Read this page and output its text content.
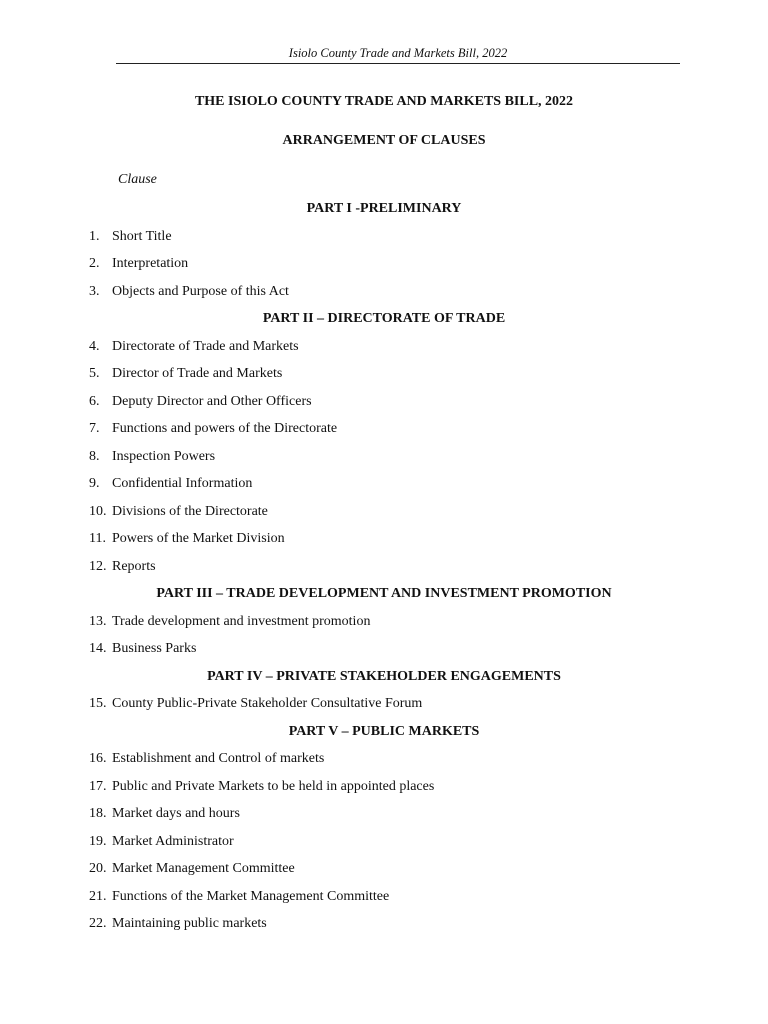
Isiolo County Trade and Markets Bill, 2022
THE ISIOLO COUNTY TRADE AND MARKETS BILL, 2022
ARRANGEMENT OF CLAUSES
Clause
PART I -PRELIMINARY
1. Short Title
2. Interpretation
3. Objects and Purpose of this Act
PART II – DIRECTORATE OF TRADE
4. Directorate of Trade and Markets
5. Director of Trade and Markets
6. Deputy Director and Other Officers
7. Functions and powers of the Directorate
8. Inspection Powers
9. Confidential Information
10. Divisions of the Directorate
11. Powers of the Market Division
12. Reports
PART III – TRADE DEVELOPMENT AND INVESTMENT PROMOTION
13. Trade development and investment promotion
14. Business Parks
PART IV – PRIVATE STAKEHOLDER ENGAGEMENTS
15. County Public-Private Stakeholder Consultative Forum
PART V – PUBLIC MARKETS
16. Establishment and Control of markets
17. Public and Private Markets to be held in appointed places
18. Market days and hours
19. Market Administrator
20. Market Management Committee
21. Functions of the Market Management Committee
22. Maintaining public markets
